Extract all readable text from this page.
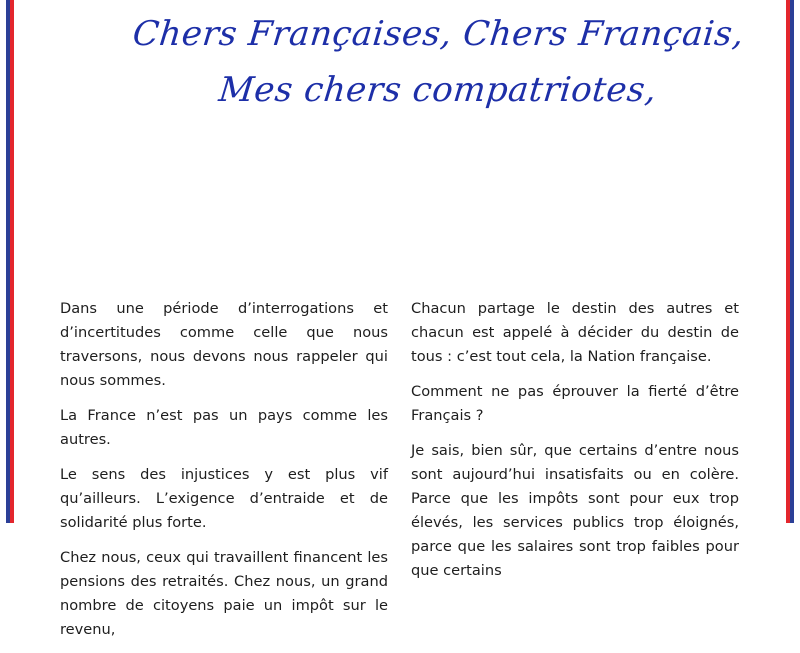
Chers Françaises, Chers Français,
Mes chers compatriotes,

Dans une période d’interrogations et d’incertitudes comme celle que nous traversons, nous devons nous rappeler qui nous sommes.

La France n’est pas un pays comme les autres.

Le sens des injustices y est plus vif qu’ailleurs. L’exigence d’entraide et de solidarité plus forte.

Chez nous, ceux qui travaillent financent les pensions des retraités. Chez nous, un grand nombre de citoyens paie un impôt sur le revenu,

Chacun partage le destin des autres et chacun est appelé à décider du destin de tous : c’est tout cela, la Nation française.

Comment ne pas éprouver la fierté d’être Français ?

Je sais, bien sûr, que certains d’entre nous sont aujourd’hui insatisfaits ou en colère. Parce que les impôts sont pour eux trop élevés, les services publics trop éloignés, parce que les salaires sont trop faibles pour que certains
